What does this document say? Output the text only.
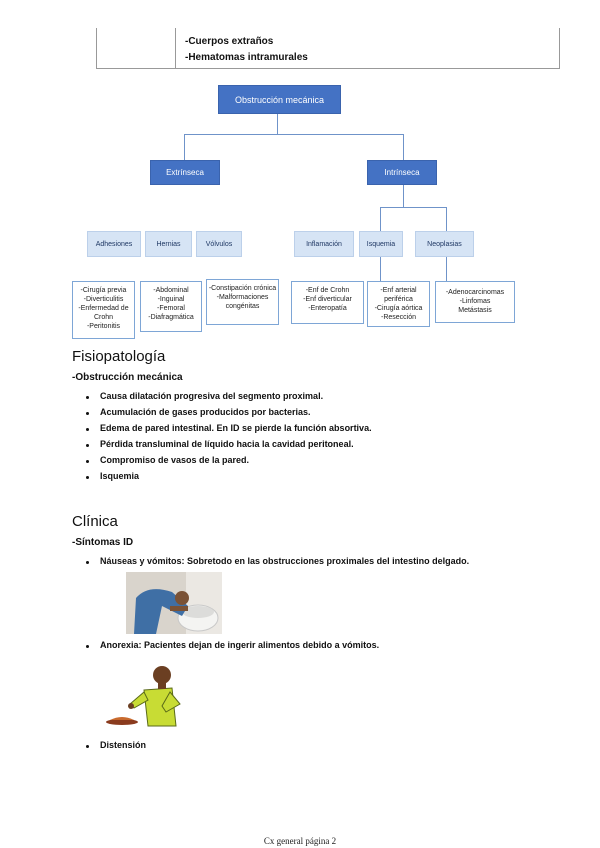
-Cuerpos extraños
-Hematomas intramurales
Obstrucción mecánica
Extrínseca	Intrínseca
Adhesiones	Hernias	Vólvulos	Inflamación	Isquemia	Neoplasias
-Cirugía previa
-Diverticulitis
-Enfermedad de Crohn
-Peritonitis
-Abdominal
-Inguinal
-Femoral
-Diafragmática
-Constipación crónica
-Malformaciones congénitas
-Enf de Crohn
-Enf diverticular
-Enteropatía
-Enf arterial periférica
-Cirugía aórtica
-Resección
-Adenocarcinomas
-Linfomas
Metástasis
Fisiopatología
-Obstrucción mecánica
Causa dilatación progresiva del segmento proximal.
Acumulación de gases producidos por bacterias.
Edema de pared intestinal. En ID se pierde la función absortiva.
Pérdida transluminal de líquido hacia la cavidad peritoneal.
Compromiso de vasos de la pared.
Isquemia
Clínica
-Síntomas ID
Náuseas y vómitos: Sobretodo en las obstrucciones proximales del intestino delgado.
Anorexia: Pacientes dejan de ingerir alimentos debido a vómitos.
Distensión
Cx general página 2
